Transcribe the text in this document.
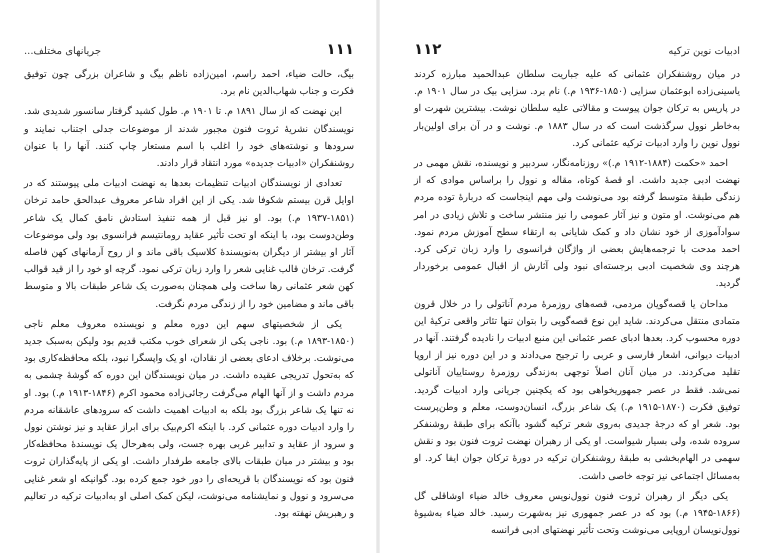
۱۱۱
جریانهای مختلف...

بیگ، حالت ضیاء، احمد راسم، امین‌زاده ناظم بیگ و شاعران بزرگی چون توفیق فکرت و جناب شهاب‌الدین نام برد.

این نهضت که از سال ۱۸۹۱ م. تا ۱۹۰۱ م. طول کشید گرفتار سانسور شدیدی شد. نویسندگان نشریهٔ ثروت فنون مجبور شدند از موضوعات جدلی اجتناب نمایند و سرودها و نوشته‌های خود را اغلب با اسم مستعار چاپ کنند. آنها را با عنوان روشنفکران «ادبیات جدیده» مورد انتقاد قرار دادند.

تعدادی از نویسندگان ادبیات تنظیمات بعدها به نهضت ادبیات ملی پیوستند که در اوایل قرن بیستم شکوفا شد. یکی از این افراد شاعر معروف عبدالحق حامد ترخان (۱۸۵۱-۱۹۳۷ م.) بود. او نیز قبل از همه تنفیذ استادش نامق کمال یک شاعر وطن‌دوست بود، با اینکه او تحت تأثیر عقاید رومانتیسم فرانسوی بود ولی موضوعات آثار او بیشتر از دیگران به‌نویسندهٔ کلاسیک باقی ماند و از روح آرمانهای کهن فاصله گرفت. ترخان قالب غنایی شعر را وارد زبان ترکی نمود. گرچه او خود را از قید قوالب کهن شعر عثمانی رها ساخت ولی همچنان به‌صورت یک شاعر طبقات بالا و متوسط باقی ماند و مضامین خود را از زندگی مردم نگرفت.

یکی از شخصیتهای سهم این دوره معلم و نویسنده معروف معلم ناجی (۱۸۵۰-۱۸۹۳ م.) بود. ناجی یکی از شعرای خوب مکتب قدیم بود ولیکن به‌سبک جدید می‌نوشت. برخلاف ادعای بعضی از نقادان، او یک واپسگرا نبود، بلکه محافظه‌کاری بود که به‌تحول تدریجی عقیده داشت. در میان نویسندگان این دوره که گوشهٔ چشمی به مردم داشت و از آنها الهام می‌گرفت رجائی‌زاده محمود اکرم (۱۸۴۶-۱۹۱۳ م.) بود. او نه تنها یک شاعر بزرگ بود بلکه به ادبیات اهمیت داشت که سرودهای عاشقانه مردم را وارد ادبیات دوره عثمانی کرد. با اینکه اکرم‌بیک برای ابراز عقاید و نیز نوشتن نوول و سرود از عقاید و تدابیر غربی بهره جست، ولی به‌هرحال یک نویسندهٔ محافظه‌کار بود و بیشتر در میان طبقات بالای جامعه طرفدار داشت. او یکی از پایه‌گذاران ثروت فنون بود که نویسندگان با قریحه‌ای را دور خود جمع کرده بود. گوانیکه او شعر غنایی می‌سرود و نوول و نمایشنامه می‌نوشت، لیکن کمک اصلی او به‌ادبیات ترکیه در تعالیم و رهبریش نهفته بود.

ادبیات نوین ترکیه
۱۱۲

در میان روشنفکران عثمانی که علیه جباریت سلطان عبدالحمید مبارزه کردند یاسینی‌زاده ابوعثمان سزایی (۱۸۵۰-۱۹۳۶ م.) نام برد. سزایی بیک در سال ۱۹۰۱ م. در پاریس به ترکان جوان پیوست و مقالاتی علیه سلطان نوشت. بیشترین شهرت او به‌خاطر نوول سرگذشت است که در سال ۱۸۸۳ م. نوشت و در آن برای اولین‌بار نوول نوین را وارد ادبیات ترکیه عثمانی کرد.

احمد «حکمت (۱۸۸۴-۱۹۱۲ م.)» روزنامه‌نگار، سردبیر و نویسنده، نقش مهمی در نهضت ادبی جدید داشت. او قصهٔ کوتاه، مقاله و نوول را براساس موادی که از زندگی طبقهٔ متوسط گرفته بود می‌نوشت ولی مهم اینجاست که دربارهٔ توده مردم هم می‌نوشت. او متون و نیز آثار عمومی را نیز منتشر ساخت و تلاش زیادی در امر سوادآموزی از خود نشان داد و کمک شایانی به ارتقاء سطح آموزش مردم نمود. احمد مدحت با ترجمه‌هایش بعضی از واژگان فرانسوی را وارد زبان ترکی کرد. هرچند وی شخصیت ادبی برجسته‌ای نبود ولی آثارش از اقبال عمومی برخوردار گردید.

مداحان یا قصه‌گویان مردمی، قصه‌های روزمرهٔ مردم آناتولی را در خلال قرون متمادی منتقل می‌کردند. شاید این نوع قصه‌گویی را بتوان تنها تئاتر واقعی ترکیهٔ این دوره محسوب کرد. بعدها ادبای عصر عثمانی این منبع ادبیات را نادیده گرفتند. آنها در ادبیات دیوانی، اشعار فارسی و عربی را ترجیح می‌دادند و در این دوره نیز از اروپا تقلید می‌کردند. در میان آنان اصلاً توجهی به‌زندگی روزمرهٔ روستاییان آناتولی نمی‌شد. فقط در عصر جمهوریخواهی بود که یکچنین جریانی وارد ادبیات گردید. توفیق فکرت (۱۸۷۰-۱۹۱۵ م.) یک شاعر بزرگ، انسان‌دوست، معلم و وطن‌پرست بود. شعر او که درجهٔ جدیدی به‌روی شعر ترکیه گشود باآنکه برای طبقهٔ روشنفکر سروده شده، ولی بسیار شیواست. او یکی از رهبران نهضت ثروت فنون بود و نقش سهمی در الهام‌بخشی به‌ طبقهٔ روشنفکران ترکیه در دورهٔ ترکان جوان ایفا کرد. او به‌مسائل اجتماعی نیز توجه خاصی داشت.

یکی دیگر از رهبران ثروت فنون نوول‌نویس معروف خالد ضیاء اوشاقلی گل (۱۸۶۶-۱۹۴۵ م.) بود که در عصر جمهوری نیز به‌شهرت رسید. خالد ضیاء به‌شیوهٔ نوول‌نویسان اروپایی می‌نوشت وتحت تأثیر نهضتهای ادبی فرانسه
